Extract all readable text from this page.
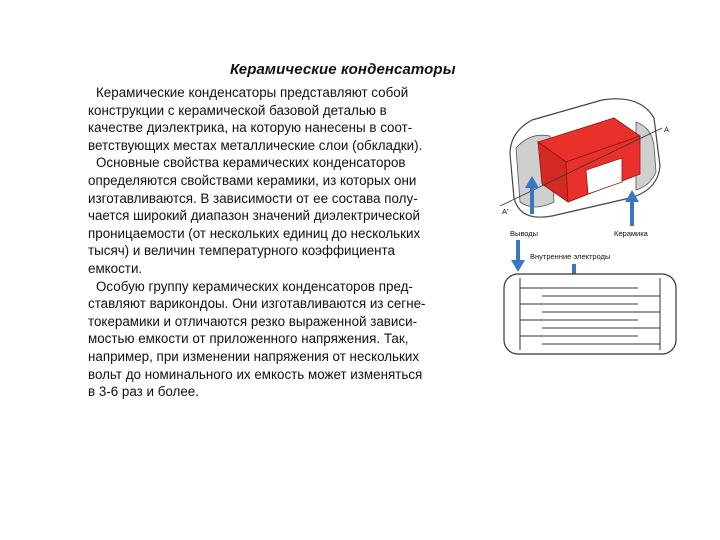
Керамические конденсаторы
Керамические конденсаторы представляют собой
конструкции с керамической базовой деталью в
качестве диэлектрика, на которую нанесены в соот-
ветствующих местах металлические слои (обкладки).
Основные свойства керамических конденсаторов
определяются свойствами керамики, из которых они
изготавливаются. В зависимости от ее состава полу-
чается широкий диапазон значений диэлектрической
проницаемости (от нескольких единиц до нескольких
тысяч) и величин температурного коэффициента
емкости.
Особую группу керамических конденсаторов пред-
ставляют варикондоы. Они изготавливаются из сегне-
токерамики и отличаются резко выраженной зависи-
мостью емкости от приложенного напряжения. Так,
например, при изменении напряжения от нескольких
вольт до номинального их емкость может изменяться
в 3-6 раз и более.
A
A'
Выводы	Керамика
Внутренние электроды
